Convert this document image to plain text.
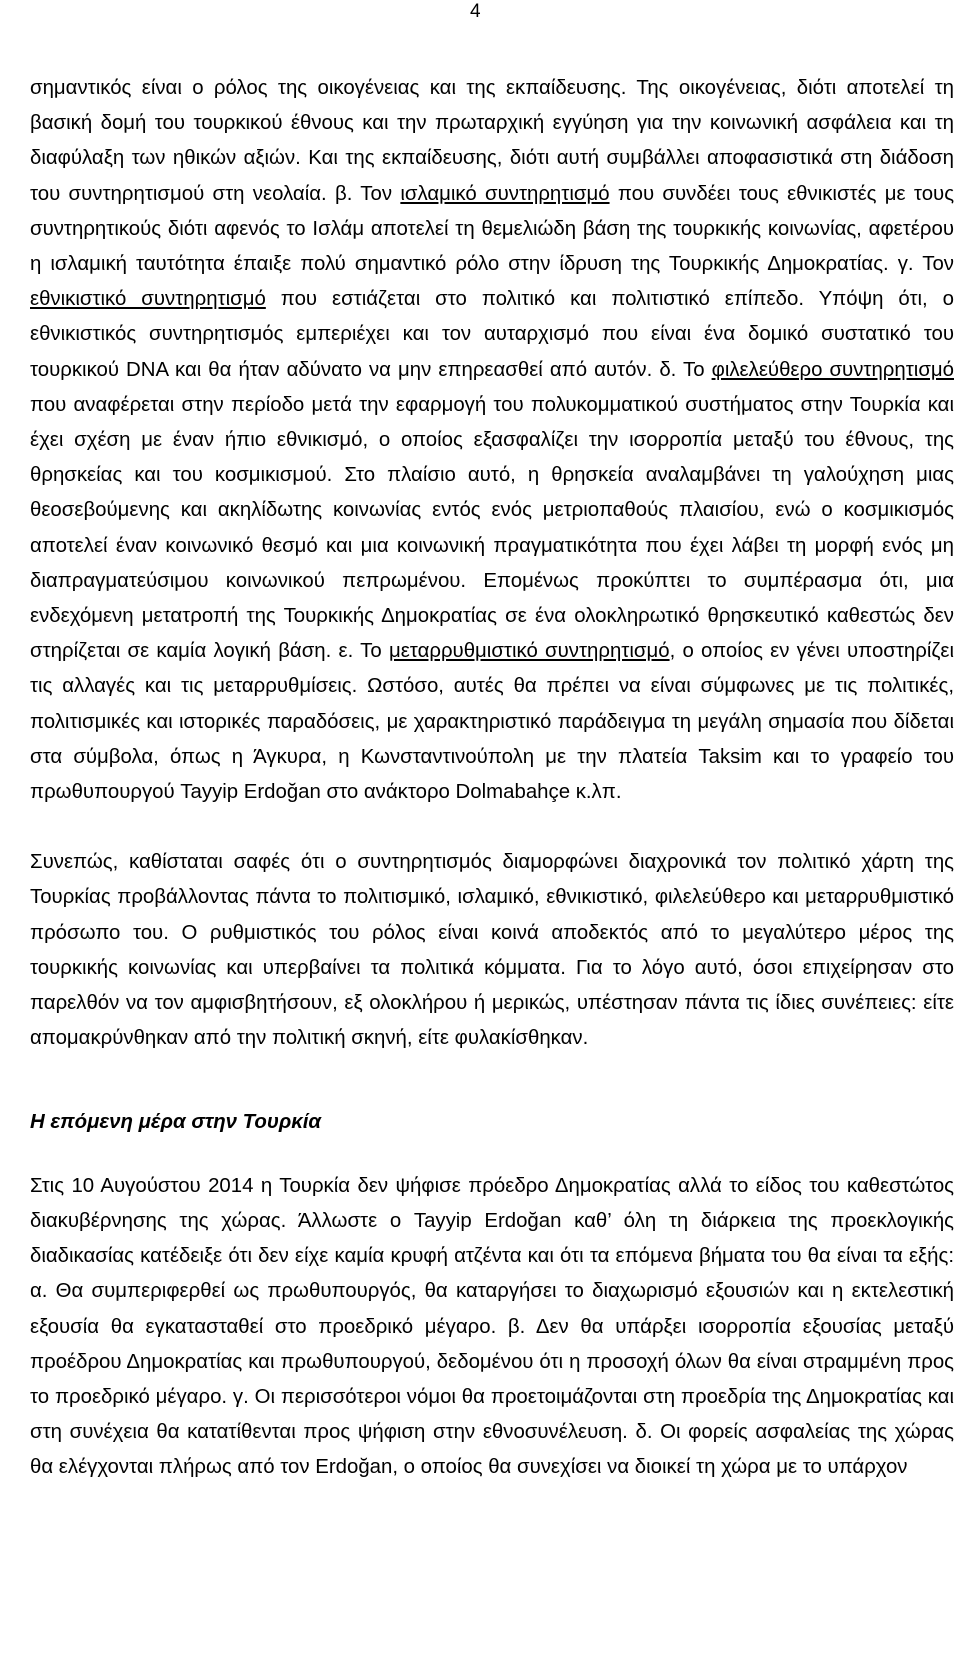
4

σημαντικός είναι ο ρόλος της οικογένειας και της εκπαίδευσης. Της οικογένειας, διότι αποτελεί τη βασική δομή του τουρκικού έθνους και την πρωταρχική εγγύηση για την κοινωνική ασφάλεια και τη διαφύλαξη των ηθικών αξιών. Και της εκπαίδευσης, διότι αυτή συμβάλλει αποφασιστικά στη διάδοση του συντηρητισμού στη νεολαία. β. Τον ισλαμικό συντηρητισμό που συνδέει τους εθνικιστές με τους συντηρητικούς διότι αφενός το Ισλάμ αποτελεί τη θεμελιώδη βάση της τουρκικής κοινωνίας, αφετέρου η ισλαμική ταυτότητα έπαιξε πολύ σημαντικό ρόλο στην ίδρυση της Τουρκικής Δημοκρατίας. γ. Τον εθνικιστικό συντηρητισμό που εστιάζεται στο πολιτικό και πολιτιστικό επίπεδο. Υπόψη ότι, ο εθνικιστικός συντηρητισμός εμπεριέχει και τον αυταρχισμό που είναι ένα δομικό συστατικό του τουρκικού DNA και θα ήταν αδύνατο να μην επηρεασθεί από αυτόν. δ. Το φιλελεύθερο συντηρητισμό που αναφέρεται στην περίοδο μετά την εφαρμογή του πολυκομματικού συστήματος στην Τουρκία και έχει σχέση με έναν ήπιο εθνικισμό, ο οποίος εξασφαλίζει την ισορροπία μεταξύ του έθνους, της θρησκείας και του κοσμικισμού. Στο πλαίσιο αυτό, η θρησκεία αναλαμβάνει τη γαλούχηση μιας θεοσεβούμενης και ακηλίδωτης κοινωνίας εντός ενός μετριοπαθούς πλαισίου, ενώ ο κοσμικισμός αποτελεί έναν κοινωνικό θεσμό και μια κοινωνική πραγματικότητα που έχει λάβει τη μορφή ενός μη διαπραγματεύσιμου κοινωνικού πεπρωμένου. Επομένως προκύπτει το συμπέρασμα ότι, μια ενδεχόμενη μετατροπή της Τουρκικής Δημοκρατίας σε ένα ολοκληρωτικό θρησκευτικό καθεστώς δεν στηρίζεται σε καμία λογική βάση. ε. Το μεταρρυθμιστικό συντηρητισμό, ο οποίος εν γένει υποστηρίζει τις αλλαγές και τις μεταρρυθμίσεις. Ωστόσο, αυτές θα πρέπει να είναι σύμφωνες με τις πολιτικές, πολιτισμικές και ιστορικές παραδόσεις, με χαρακτηριστικό παράδειγμα τη μεγάλη σημασία που δίδεται στα σύμβολα, όπως η Άγκυρα, η Κωνσταντινούπολη με την πλατεία Taksim και το γραφείο του πρωθυπουργού Tayyip Erdoğan στο ανάκτορο Dolmabahçe κ.λπ.

Συνεπώς, καθίσταται σαφές ότι ο συντηρητισμός διαμορφώνει διαχρονικά τον πολιτικό χάρτη της Τουρκίας προβάλλοντας πάντα το πολιτισμικό, ισλαμικό, εθνικιστικό, φιλελεύθερο και μεταρρυθμιστικό πρόσωπο του. Ο ρυθμιστικός του ρόλος είναι κοινά αποδεκτός από το μεγαλύτερο μέρος της τουρκικής κοινωνίας και υπερβαίνει τα πολιτικά κόμματα. Για το λόγο αυτό, όσοι επιχείρησαν στο παρελθόν να τον αμφισβητήσουν, εξ ολοκλήρου ή μερικώς, υπέστησαν πάντα τις ίδιες συνέπειες: είτε απομακρύνθηκαν από την πολιτική σκηνή, είτε φυλακίσθηκαν.

Η επόμενη μέρα στην Τουρκία

Στις 10 Αυγούστου 2014 η Τουρκία δεν ψήφισε πρόεδρο Δημοκρατίας αλλά το είδος του καθεστώτος διακυβέρνησης της χώρας. Άλλωστε ο Tayyip Erdoğan καθ’ όλη τη διάρκεια της προεκλογικής διαδικασίας κατέδειξε ότι δεν είχε καμία κρυφή ατζέντα και ότι τα επόμενα βήματα του θα είναι τα εξής: α. Θα συμπεριφερθεί ως πρωθυπουργός, θα καταργήσει το διαχωρισμό εξουσιών και η εκτελεστική εξουσία θα εγκατασταθεί στο προεδρικό μέγαρο. β. Δεν θα υπάρξει ισορροπία εξουσίας μεταξύ προέδρου Δημοκρατίας και πρωθυπουργού, δεδομένου ότι η προσοχή όλων θα είναι στραμμένη προς το προεδρικό μέγαρο. γ. Οι περισσότεροι νόμοι θα προετοιμάζονται στη προεδρία της Δημοκρατίας και στη συνέχεια θα κατατίθενται προς ψήφιση στην εθνοσυνέλευση. δ. Οι φορείς ασφαλείας της χώρας θα ελέγχονται πλήρως από τον Erdoğan, ο οποίος θα συνεχίσει να διοικεί τη χώρα με το υπάρχον
